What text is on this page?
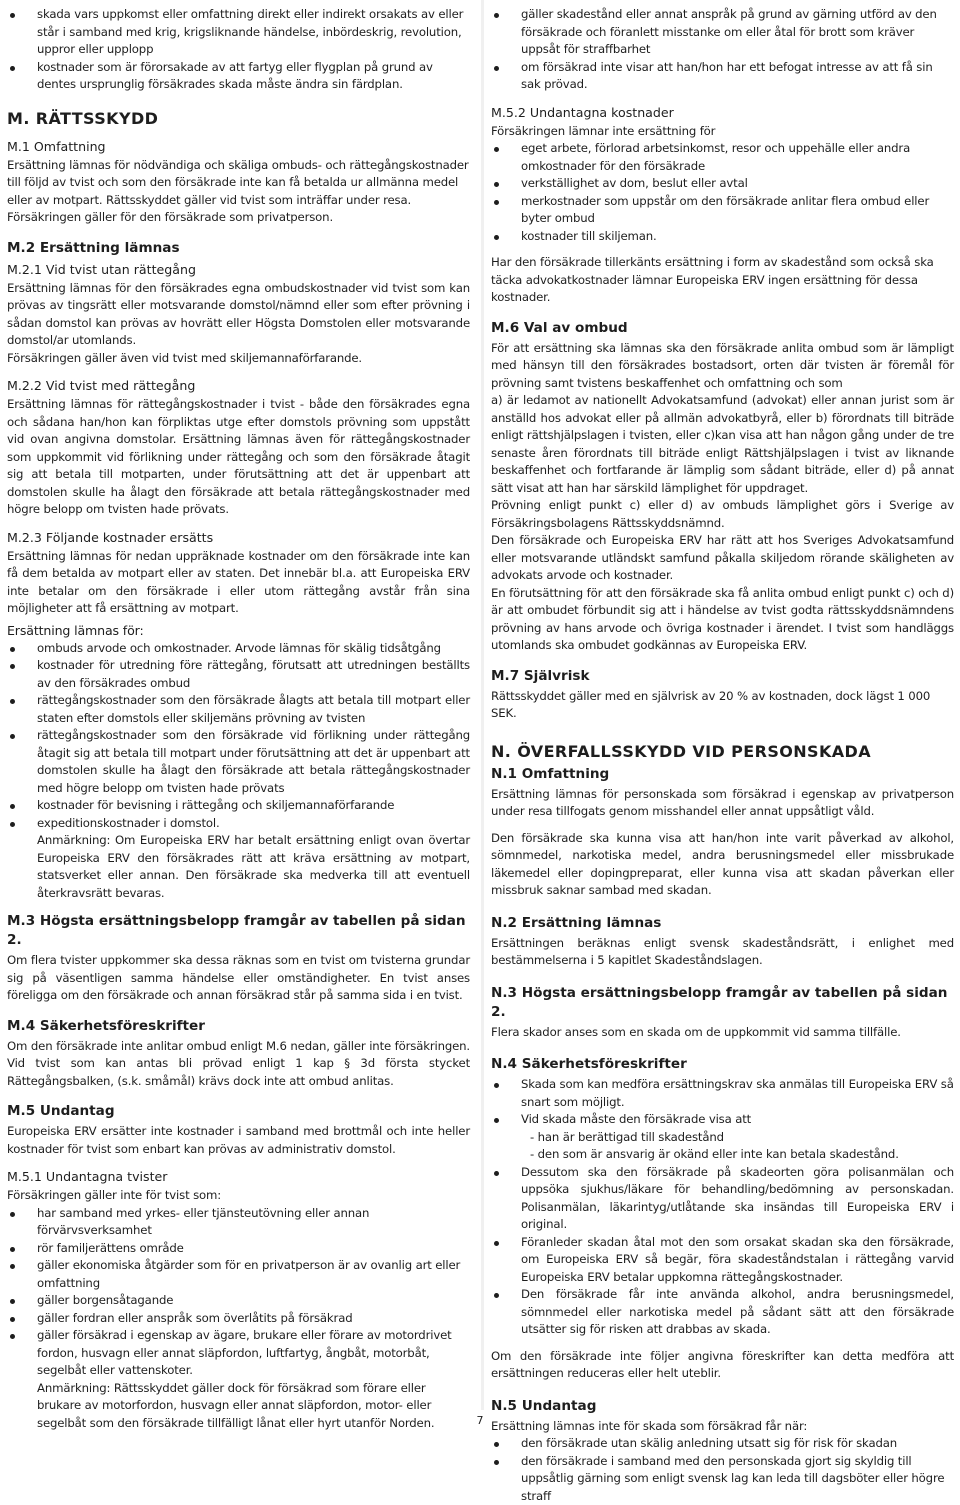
skada vars uppkomst eller omfattning direkt eller indirekt orsakats av eller står i samband med krig, krigsliknande händelse, inbördeskrig, revolution, uppror eller upplopp
kostnader som är förorsakade av att fartyg eller flygplan på grund av dentes ursprunglig försäkrades skada måste ändra sin färdplan.
M. RÄTTSSKYDD
M.1 Omfattning

Ersättning lämnas för nödvändiga och skäliga ombuds- och rättegångskostnader till följd av tvist och som den försäkrade inte kan få betalda ur allmänna medel eller av motpart. Rättsskyddet gäller vid tvist som inträffar under resa. Försäkringen gäller för den försäkrade som privatperson.

M.2 Ersättning lämnas
M.2.1 Vid tvist utan rättegång

Ersättning lämnas för den försäkrades egna ombudskostnader vid tvist som kan prövas av tingsrätt eller motsvarande domstol/nämnd eller som efter prövning i sådan domstol kan prövas av hovrätt eller Högsta Domstolen eller motsvarande domstol/ar utomlands.

Försäkringen gäller även vid tvist med skiljemannaförfarande.

M.2.2 Vid tvist med rättegång

Ersättning lämnas för rättegångskostnader i tvist - både den försäkrades egna och sådana han/hon kan förpliktas utge efter domstols prövning som uppstått vid ovan angivna domstolar. Ersättning lämnas även för rättegångskostnader som uppkommit vid förlikning under rättegång och som den försäkrade åtagit sig att betala till motparten, under förutsättning att det är uppenbart att domstolen skulle ha ålagt den försäkrade att betala rättegångskostnader med högre belopp om tvisten hade prövats.

M.2.3 Följande kostnader ersätts

Ersättning lämnas för nedan uppräknade kostnader om den försäkrade inte kan få dem betalda av motpart eller av staten. Det innebär bl.a. att Europeiska ERV inte betalar om den försäkrade i eller utom rättegång avstår från sina möjligheter att få ersättning av motpart.

Ersättning lämnas för:

ombuds arvode och omkostnader. Arvode lämnas för skälig tidsåtgång
kostnader för utredning före rättegång, förutsatt att utredningen beställts av den försäkrades ombud
rättegångskostnader som den försäkrade ålagts att betala till motpart eller staten efter domstols eller skiljemäns prövning av tvisten
rättegångskostnader som den försäkrade vid förlikning under rättegång åtagit sig att betala till motpart under förutsättning att det är uppenbart att domstolen skulle ha ålagt den försäkrade att betala rättegångskostnader med högre belopp om tvisten hade prövats
kostnader för bevisning i rättegång och skiljemannaförfarande
expeditionskostnader i domstol.

Anmärkning: Om Europeiska ERV har betalt ersättning enligt ovan övertar Europeiska ERV den försäkrades rätt att kräva ersättning av motpart, statsverket eller annan. Den försäkrade ska medverka till att eventuell återkravsrätt bevaras.

M.3 Högsta ersättningsbelopp framgår av tabellen på sidan 2.

Om flera tvister uppkommer ska dessa räknas som en tvist om tvisterna grundar sig på väsentligen samma händelse eller omständigheter. En tvist anses föreligga om den försäkrade och annan försäkrad står på samma sida i en tvist.

M.4 Säkerhetsföreskrifter

Om den försäkrade inte anlitar ombud enligt M.6 nedan, gäller inte försäkringen. Vid tvist som kan antas bli prövad enligt 1 kap § 3d första stycket Rättegångsbalken, (s.k. småmål) krävs dock inte att ombud anlitas.

M.5 Undantag

Europeiska ERV ersätter inte kostnader i samband med brottmål och inte heller kostnader för tvist som enbart kan prövas av administrativ domstol.

M.5.1 Undantagna tvister

Försäkringen gäller inte för tvist som:

har samband med yrkes- eller tjänsteutövning eller annan förvärvsverksamhet
rör familjerättens område
gäller ekonomiska åtgärder som för en privatperson är av ovanlig art eller omfattning
gäller borgensåtagande
gäller fordran eller anspråk som överlåtits på försäkrad
gäller försäkrad i egenskap av ägare, brukare eller förare av motordrivet fordon, husvagn eller annat släpfordon, luftfartyg, ångbåt, motorbåt, segelbåt eller vattenskoter.

Anmärkning: Rättsskyddet gäller dock för försäkrad som förare eller brukare av motorfordon, husvagn eller annat släpfordon, motor- eller segelbåt som den försäkrade tillfälligt lånat eller hyrt utanför Norden.

gäller skadestånd eller annat anspråk på grund av gärning utförd av den försäkrade och föranlett misstanke om eller åtal för brott som kräver uppsåt för straffbarhet
om försäkrad inte visar att han/hon har ett befogat intresse av att få sin sak prövad.
M.5.2 Undantagna kostnader

Försäkringen lämnar inte ersättning för

eget arbete, förlorad arbetsinkomst, resor och uppehälle eller andra omkostnader för den försäkrade
verkställighet av dom, beslut eller avtal
merkostnader som uppstår om den försäkrade anlitar flera ombud eller byter ombud
kostnader till skiljeman.

Har den försäkrade tillerkänts ersättning i form av skadestånd som också ska täcka advokatkostnader lämnar Europeiska ERV ingen ersättning för dessa kostnader.

M.6 Val av ombud

För att ersättning ska lämnas ska den försäkrade anlita ombud som är lämpligt med hänsyn till den försäkrades bostadsort, orten där tvisten är föremål för prövning samt tvistens beskaffenhet och omfattning och som

a) är ledamot av nationellt Advokatsamfund (advokat) eller annan jurist som är anställd hos advokat eller på allmän advokatbyrå, eller b) förordnats till biträde enligt rättshjälpslagen i tvisten, eller c)kan visa att han någon gång under de tre senaste åren förordnats till biträde enligt Rättshjälpslagen i tvist av liknande beskaffenhet och fortfarande är lämplig som sådant biträde, eller d) på annat sätt visat att han har särskild lämplighet för uppdraget.

Prövning enligt punkt c) eller d) av ombuds lämplighet görs i Sverige av Försäkringsbolagens Rättsskyddsnämnd.

Den försäkrade och Europeiska ERV har rätt att hos Sveriges Advokatsamfund eller motsvarande utländskt samfund påkalla skiljedom rörande skäligheten av advokats arvode och kostnader.

En förutsättning för att den försäkrade ska få anlita ombud enligt punkt c) och d) är att ombudet förbundit sig att i händelse av tvist godta rättsskyddsnämndens prövning av hans arvode och övriga kostnader i ärendet. I tvist som handläggs utomlands ska ombudet godkännas av Europeiska ERV.

M.7 Självrisk

Rättsskyddet gäller med en självrisk av 20 % av kostnaden, dock lägst 1 000 SEK.

N. ÖVERFALLSSKYDD VID PERSONSKADA
N.1 Omfattning

Ersättning lämnas för personskada som försäkrad i egenskap av privatperson under resa tillfogats genom misshandel eller annat uppsåtligt våld.

Den försäkrade ska kunna visa att han/hon inte varit påverkad av alkohol, sömnmedel, narkotiska medel, andra berusningsmedel eller missbrukade läkemedel eller dopingpreparat, eller kunna visa att skadan påverkan eller missbruk saknar sambad med skadan.

N.2 Ersättning lämnas

Ersättningen beräknas enligt svensk skadeståndsrätt, i enlighet med bestämmelserna i 5 kapitlet Skadeståndslagen.

N.3 Högsta ersättningsbelopp framgår av tabellen på sidan 2.

Flera skador anses som en skada om de uppkommit vid samma tillfälle.

N.4 Säkerhetsföreskrifter
Skada som kan medföra ersättningskrav ska anmälas till Europeiska ERV så snart som möjligt.
Vid skada måste den försäkrade visa att
- han är berättigad till skadestånd
- den som är ansvarig är okänd eller inte kan betala skadestånd.
Dessutom ska den försäkrade på skadeorten göra polisanmälan och uppsöka sjukhus/läkare för behandling/bedömning av personskadan. Polisanmälan, läkarintyg/utlåtande ska insändas till Europeiska ERV i original.
Föranleder skadan åtal mot den som orsakat skadan ska den försäkrade, om Europeiska ERV så begär, föra skadeståndstalan i rättegång varvid Europeiska ERV betalar uppkomna rättegångskostnader.
Den försäkrade får inte använda alkohol, andra berusningsmedel, sömnmedel eller narkotiska medel på sådant sätt att den försäkrade utsätter sig för risken att drabbas av skada.

Om den försäkrade inte följer angivna föreskrifter kan detta medföra att ersättningen reduceras eller helt uteblir.

N.5 Undantag

Ersättning lämnas inte för skada som försäkrad får när:

den försäkrade utan skälig anledning utsatt sig för risk för skadan
den försäkrade i samband med den personskada gjort sig skyldig till uppsåtlig gärning som enligt svensk lag kan leda till dagsböter eller högre straff
7
